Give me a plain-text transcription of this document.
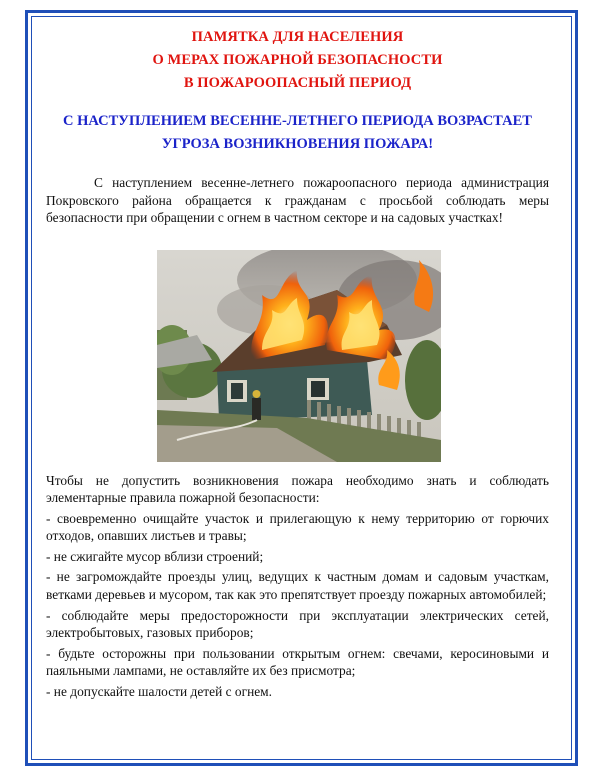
ПАМЯТКА ДЛЯ НАСЕЛЕНИЯ
О МЕРАХ ПОЖАРНОЙ БЕЗОПАСНОСТИ
В ПОЖАРООПАСНЫЙ ПЕРИОД
С НАСТУПЛЕНИЕМ ВЕСЕННЕ-ЛЕТНЕГО ПЕРИОДА ВОЗРАСТАЕТ
УГРОЗА ВОЗНИКНОВЕНИЯ ПОЖАРА!
С наступлением весенне-летнего пожароопасного периода администрация Покровского района обращается к гражданам с просьбой соблюдать меры безопасности при обращении с огнем в частном секторе и на садовых участках!

Чтобы не допустить возникновения пожара необходимо знать и соблюдать элементарные правила пожарной безопасности:

- своевременно очищайте участок и прилегающую к нему территорию от горючих отходов, опавших листьев и травы;

- не сжигайте мусор вблизи строений;

- не загромождайте проезды улиц, ведущих к частным домам и садовым участкам, ветками деревьев и мусором, так как это препятствует проезду пожарных автомобилей;

- соблюдайте меры предосторожности при эксплуатации электрических сетей, электробытовых, газовых приборов;

- будьте осторожны при пользовании открытым огнем: свечами, керосиновыми и паяльными лампами, не оставляйте их без присмотра;

- не допускайте шалости детей с огнем.
